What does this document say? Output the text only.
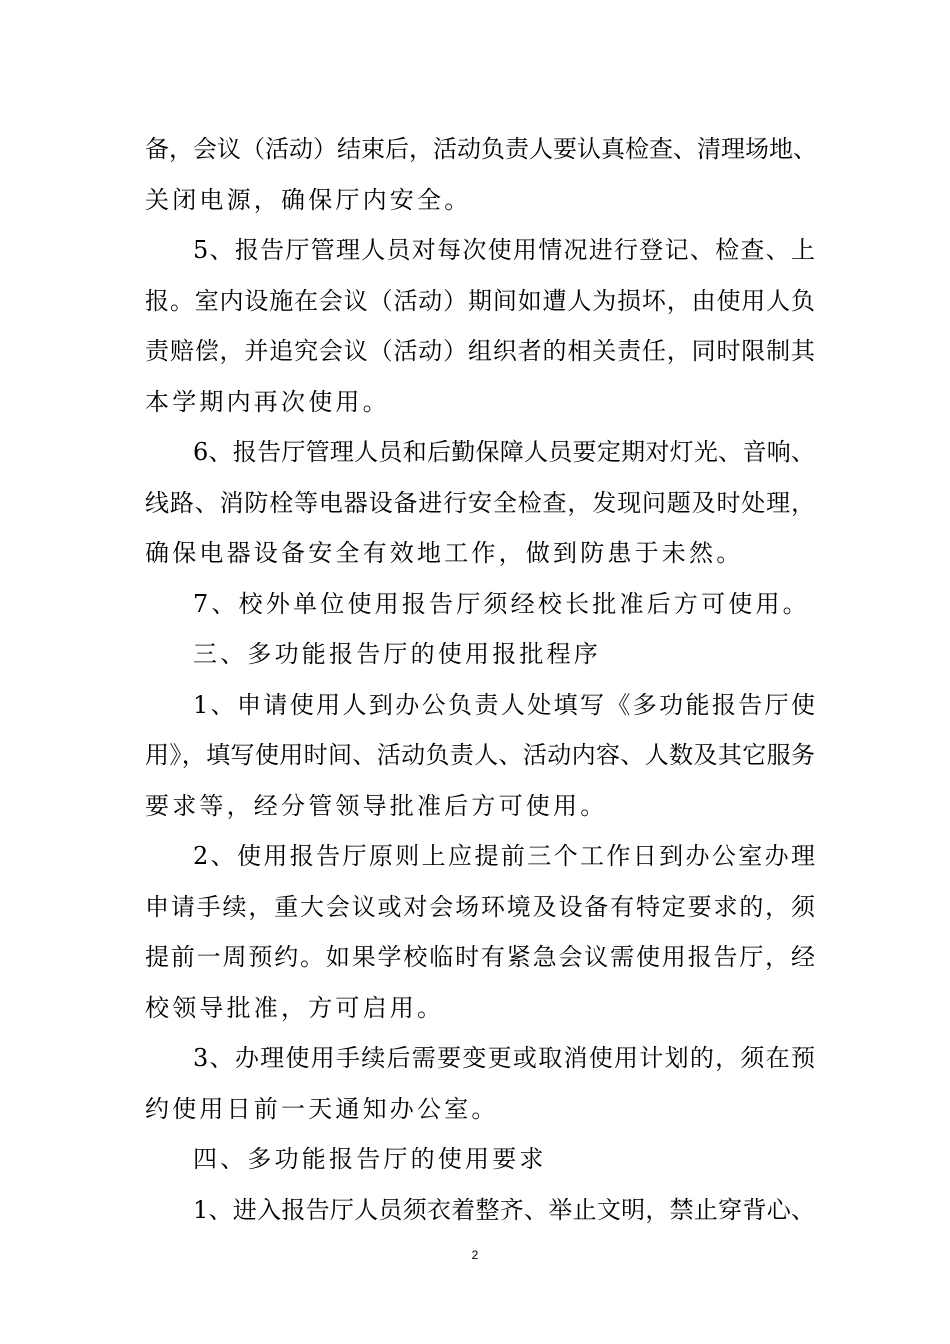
备，会议（活动）结束后，活动负责人要认真检查、清理场地、
关闭电源，确保厅内安全。
5、报告厅管理人员对每次使用情况进行登记、检查、上
报。室内设施在会议（活动）期间如遭人为损坏，由使用人负
责赔偿，并追究会议（活动）组织者的相关责任，同时限制其
本学期内再次使用。
6、报告厅管理人员和后勤保障人员要定期对灯光、音响、
线路、消防栓等电器设备进行安全检查，发现问题及时处理，
确保电器设备安全有效地工作，做到防患于未然。
7、校外单位使用报告厅须经校长批准后方可使用。
三、多功能报告厅的使用报批程序
1、申请使用人到办公负责人处填写《多功能报告厅使
用》，填写使用时间、活动负责人、活动内容、人数及其它服务
要求等，经分管领导批准后方可使用。
2、使用报告厅原则上应提前三个工作日到办公室办理
申请手续，重大会议或对会场环境及设备有特定要求的，须
提前一周预约。如果学校临时有紧急会议需使用报告厅，经
校领导批准，方可启用。
3、办理使用手续后需要变更或取消使用计划的，须在预
约使用日前一天通知办公室。
四、多功能报告厅的使用要求
1、进入报告厅人员须衣着整齐、举止文明，禁止穿背心、
2
